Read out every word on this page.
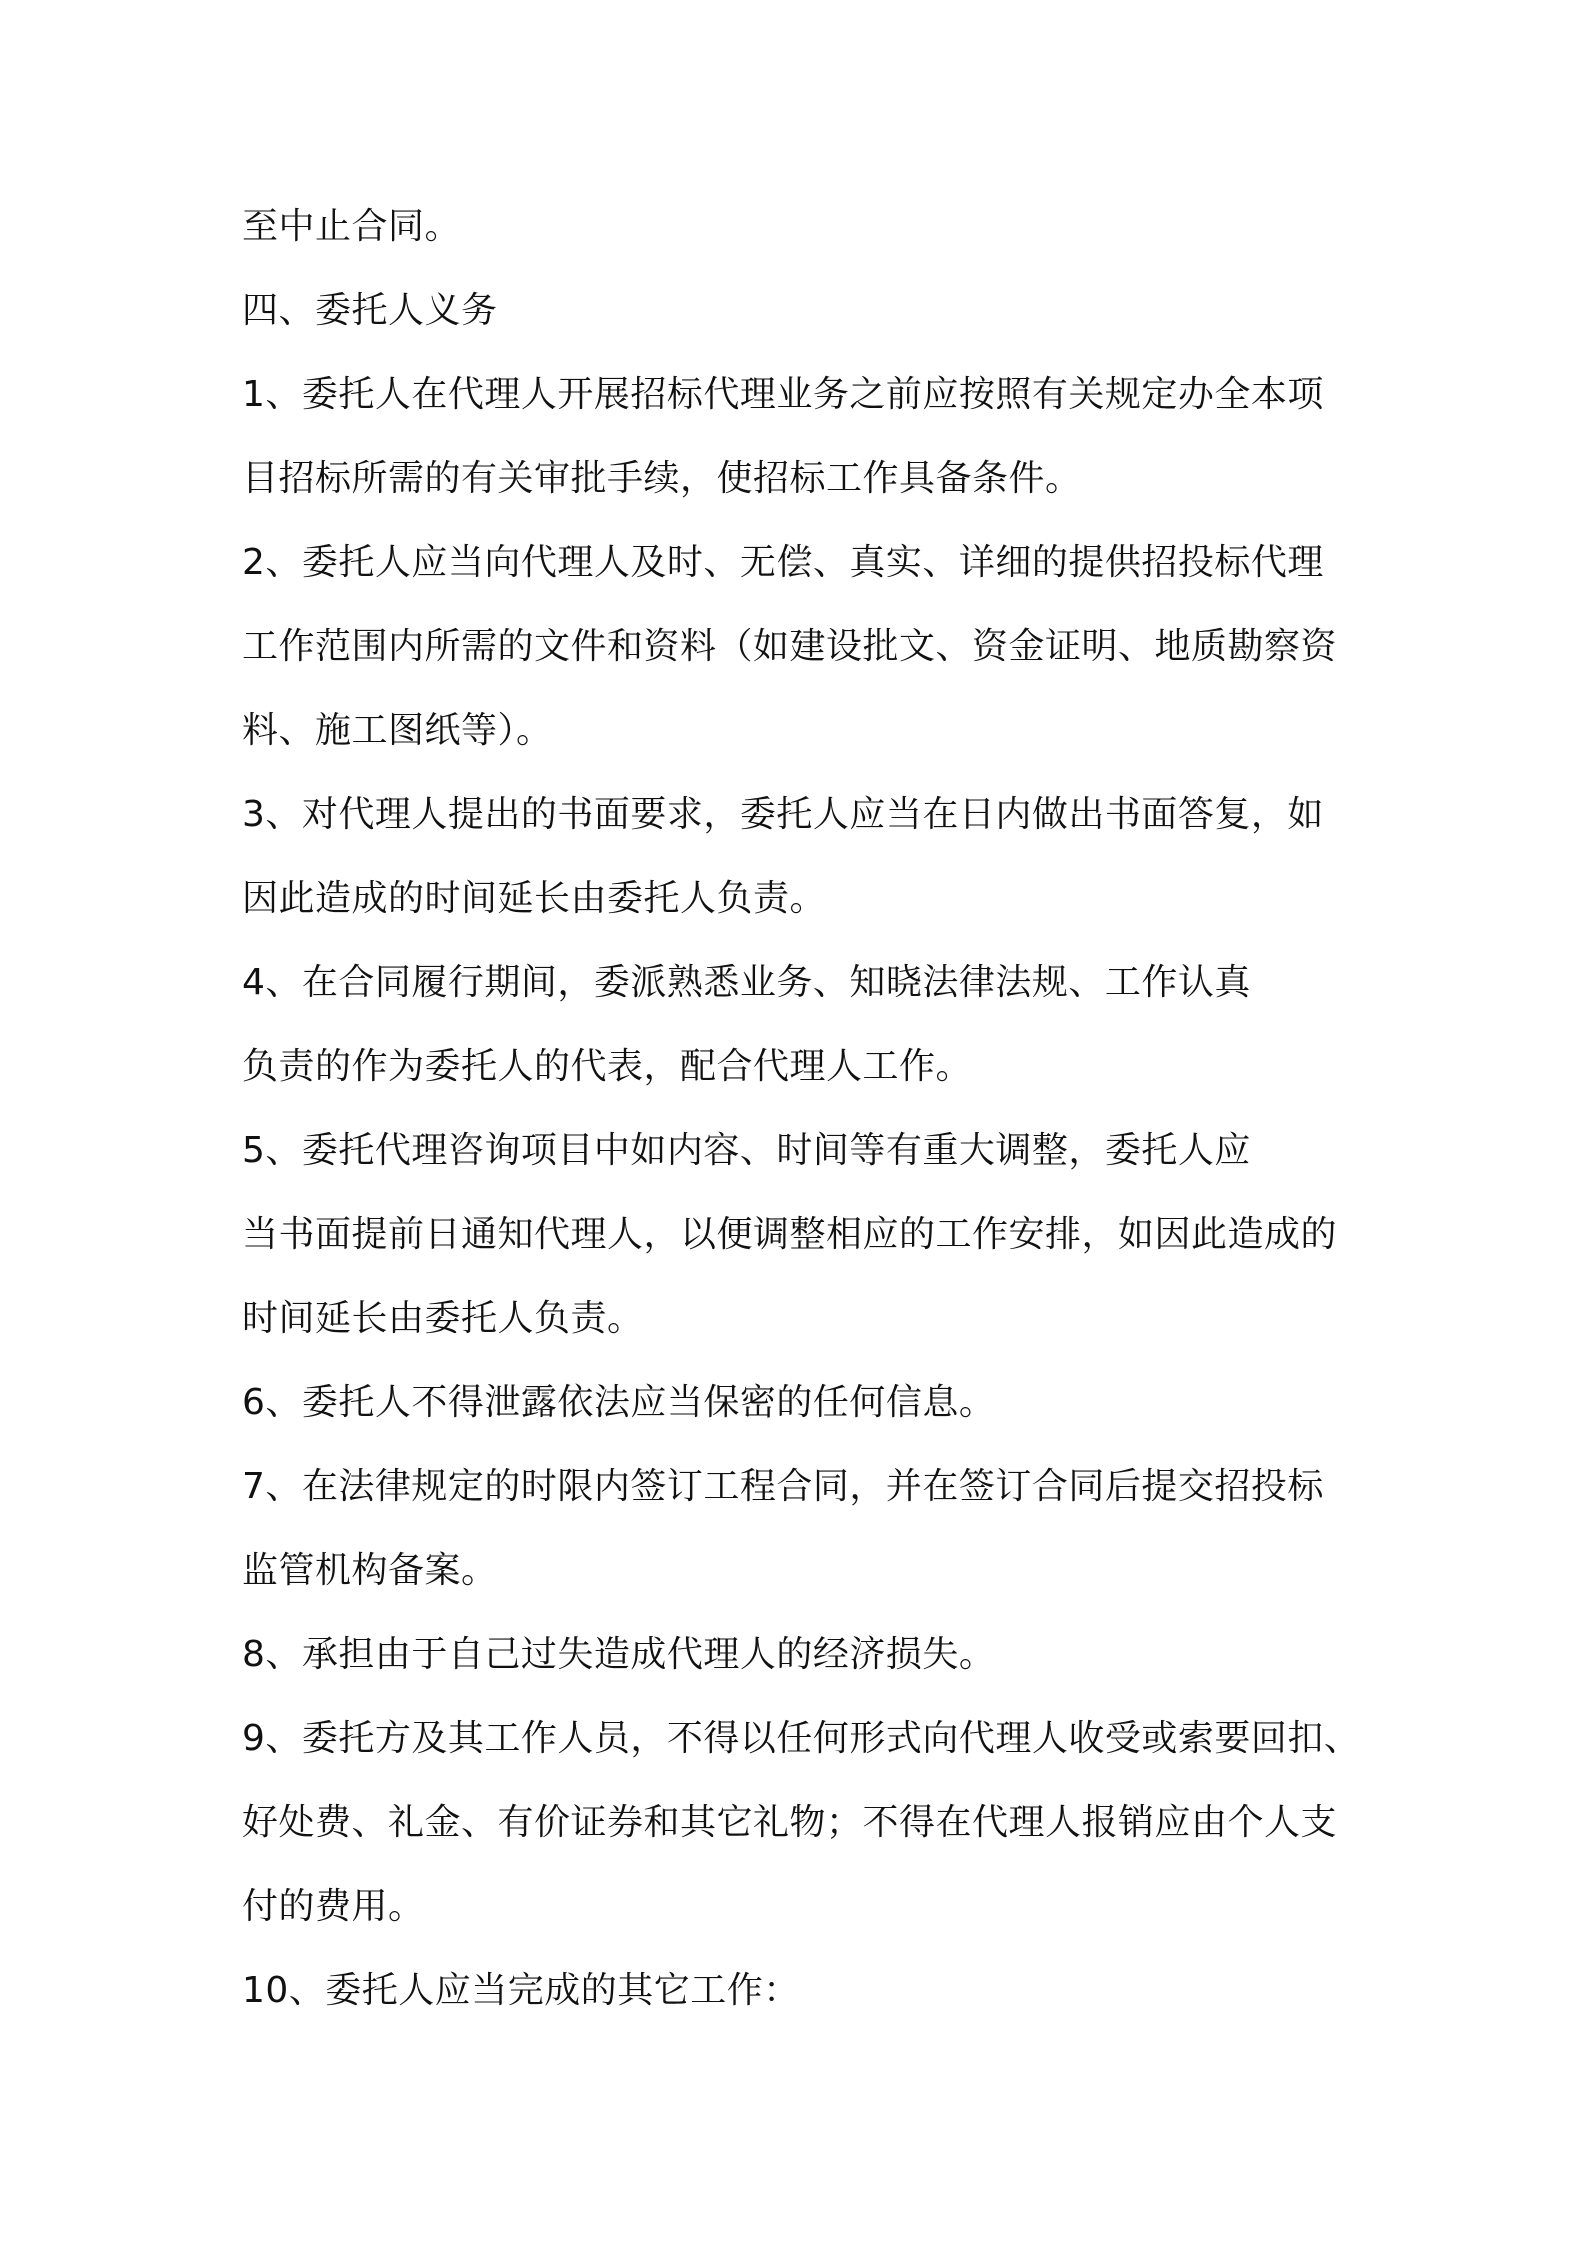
至中止合同。
四、委托人义务
1、委托人在代理人开展招标代理业务之前应按照有关规定办全本项
目招标所需的有关审批手续，使招标工作具备条件。
2、委托人应当向代理人及时、无偿、真实、详细的提供招投标代理
工作范围内所需的文件和资料（如建设批文、资金证明、地质勘察资
料、施工图纸等）。
3、对代理人提出的书面要求，委托人应当在日内做出书面答复，如
因此造成的时间延长由委托人负责。
4、在合同履行期间，委派熟悉业务、知晓法律法规、工作认真
负责的作为委托人的代表，配合代理人工作。
5、委托代理咨询项目中如内容、时间等有重大调整，委托人应
当书面提前日通知代理人，以便调整相应的工作安排，如因此造成的
时间延长由委托人负责。
6、委托人不得泄露依法应当保密的任何信息。
7、在法律规定的时限内签订工程合同，并在签订合同后提交招投标
监管机构备案。
8、承担由于自己过失造成代理人的经济损失。
9、委托方及其工作人员，不得以任何形式向代理人收受或索要回扣、
好处费、礼金、有价证券和其它礼物；不得在代理人报销应由个人支
付的费用。
10、委托人应当完成的其它工作：
